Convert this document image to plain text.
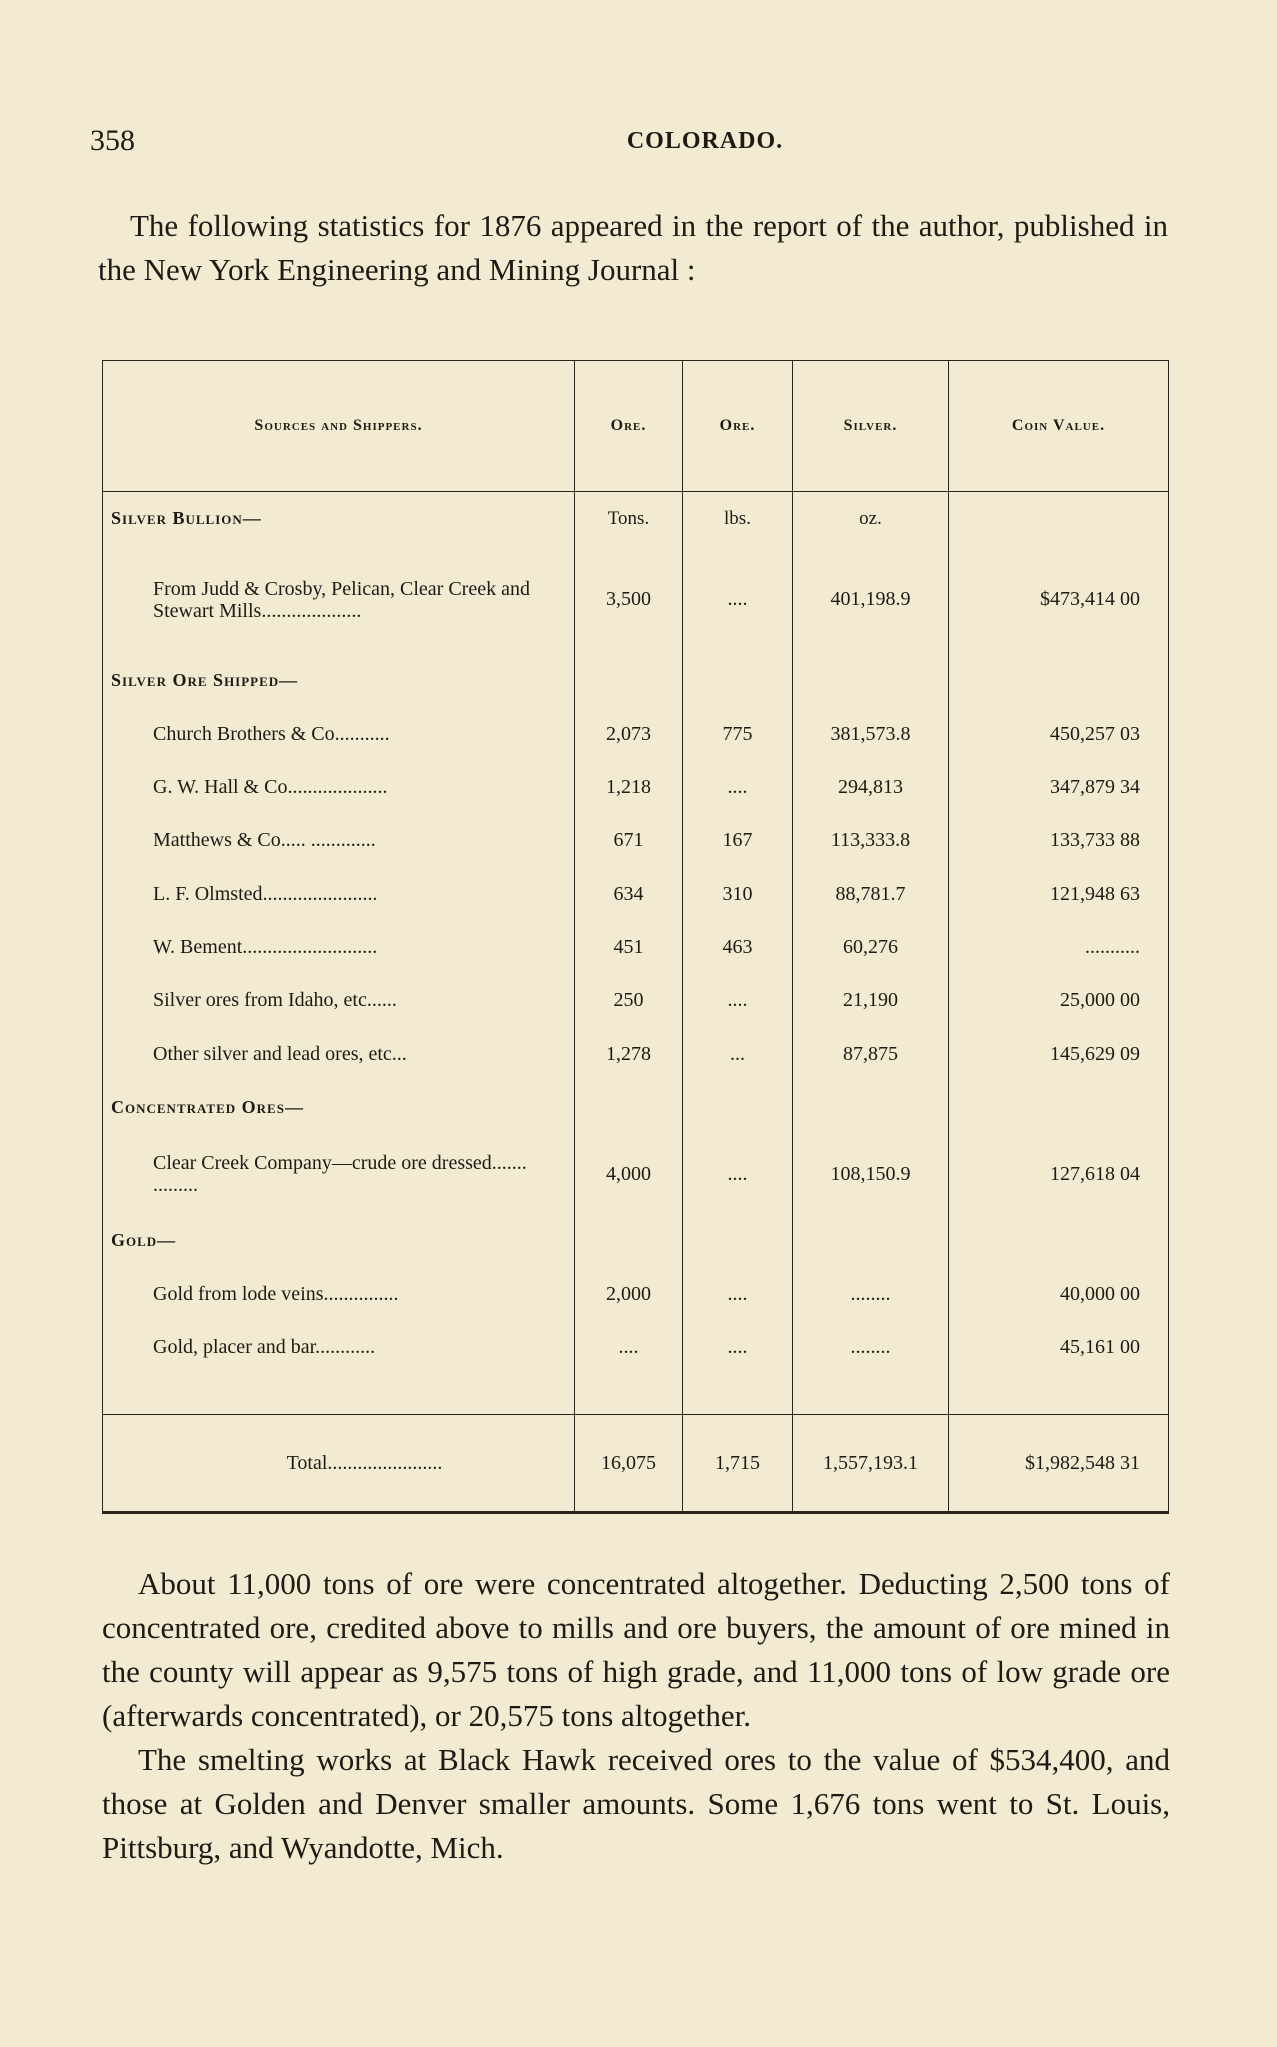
358	COLORADO.

The following statistics for 1876 appeared in the report of the author, published in the New York Engineering and Mining Journal :

Sources and Shippers.	Ore.	Ore.	Silver.	Coin Value.
Silver Bullion—	Tons.	lbs.	oz.	
From Judd & Crosby, Pelican, Clear Creek and Stewart Mills....................	3,500	....	401,198.9	$473,414 00
Silver Ore Shipped—				
Church Brothers & Co...........	2,073	775	381,573.8	450,257 03
G. W. Hall & Co....................	1,218	....	294,813	347,879 34
Matthews & Co..... .............	671	167	113,333.8	133,733 88
L. F. Olmsted.......................	634	310	88,781.7	121,948 63
W. Bement...........................	451	463	60,276	...........
Silver ores from Idaho, etc......	250	....	21,190	25,000 00
Other silver and lead ores, etc...	1,278	...	87,875	145,629 09
Concentrated Ores—				
Clear Creek Company—crude ore dressed....... .........	4,000	....	108,150.9	127,618 04
Gold—				
Gold from lode veins...............	2,000	....	........	40,000 00
Gold, placer and bar............	....	....	........	45,161 00

Total.......................	16,075	1,715	1,557,193.1	$1,982,548 31

About 11,000 tons of ore were concentrated altogether. Deducting 2,500 tons of concentrated ore, credited above to mills and ore buyers, the amount of ore mined in the county will appear as 9,575 tons of high grade, and 11,000 tons of low grade ore (afterwards concentrated), or 20,575 tons altogether.

The smelting works at Black Hawk received ores to the value of $534,400, and those at Golden and Denver smaller amounts. Some 1,676 tons went to St. Louis, Pittsburg, and Wyandotte, Mich.
